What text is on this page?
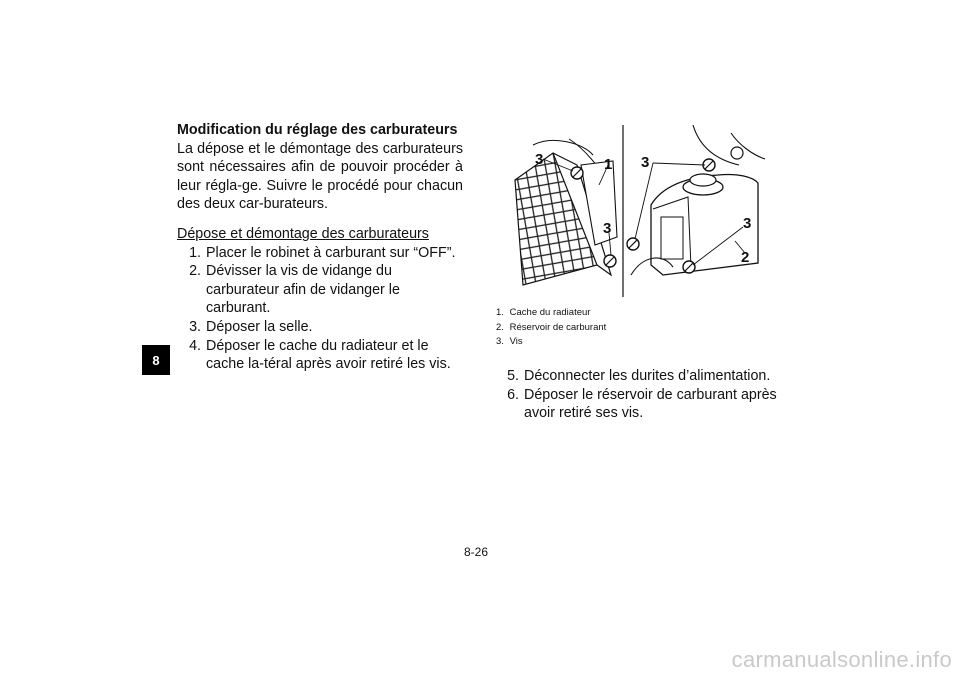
8
Modification du réglage des carburateurs

La dépose et le démontage des carburateurs sont nécessaires afin de pouvoir procéder à leur régla-ge. Suivre le procédé pour chacun des deux car-burateurs.

Dépose et démontage des carburateurs
1. Placer le robinet à carburant sur “OFF”.
2. Dévisser la vis de vidange du carburateur afin de vidanger le carburant.
3. Déposer la selle.
4. Déposer le cache du radiateur et le cache la-téral après avoir retiré les vis.
3	1
3
3
3
2
1. Cache du radiateur
2. Réservoir de carburant
3. Vis
5. Déconnecter les durites d’alimentation.
6. Déposer le réservoir de carburant après avoir retiré ses vis.
8-26
carmanualsonline.info
